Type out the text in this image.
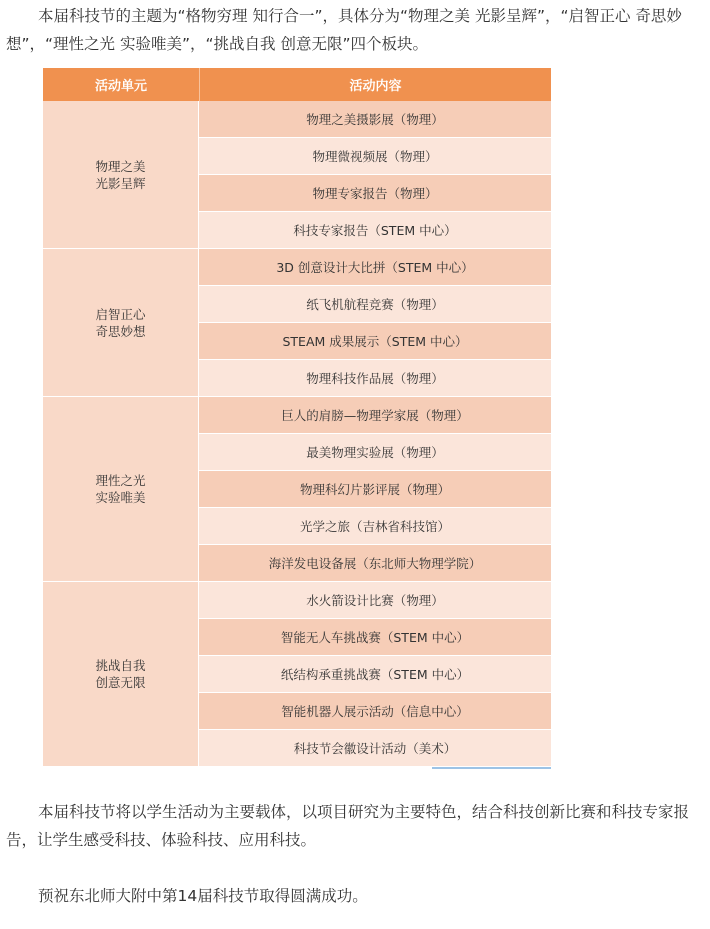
本届科技节的主题为“格物穷理 知行合一”，具体分为“物理之美 光影呈辉”，“启智正心 奇思妙想”，“理性之光 实验唯美”，“挑战自我 创意无限”四个板块。

活动单元	活动内容
物理之美
光影呈辉
物理之美摄影展（物理）
物理微视频展（物理）
物理专家报告（物理）
科技专家报告（STEM 中心）
启智正心
奇思妙想
3D 创意设计大比拼（STEM 中心）
纸飞机航程竞赛（物理）
STEAM 成果展示（STEM 中心）
物理科技作品展（物理）
理性之光
实验唯美
巨人的肩膀—物理学家展（物理）
最美物理实验展（物理）
物理科幻片影评展（物理）
光学之旅（吉林省科技馆）
海洋发电设备展（东北师大物理学院）
挑战自我
创意无限
水火箭设计比赛（物理）
智能无人车挑战赛（STEM 中心）
纸结构承重挑战赛（STEM 中心）
智能机器人展示活动（信息中心）
科技节会徽设计活动（美术）

本届科技节将以学生活动为主要载体，以项目研究为主要特色，结合科技创新比赛和科技专家报告，让学生感受科技、体验科技、应用科技。

预祝东北师大附中第14届科技节取得圆满成功。
